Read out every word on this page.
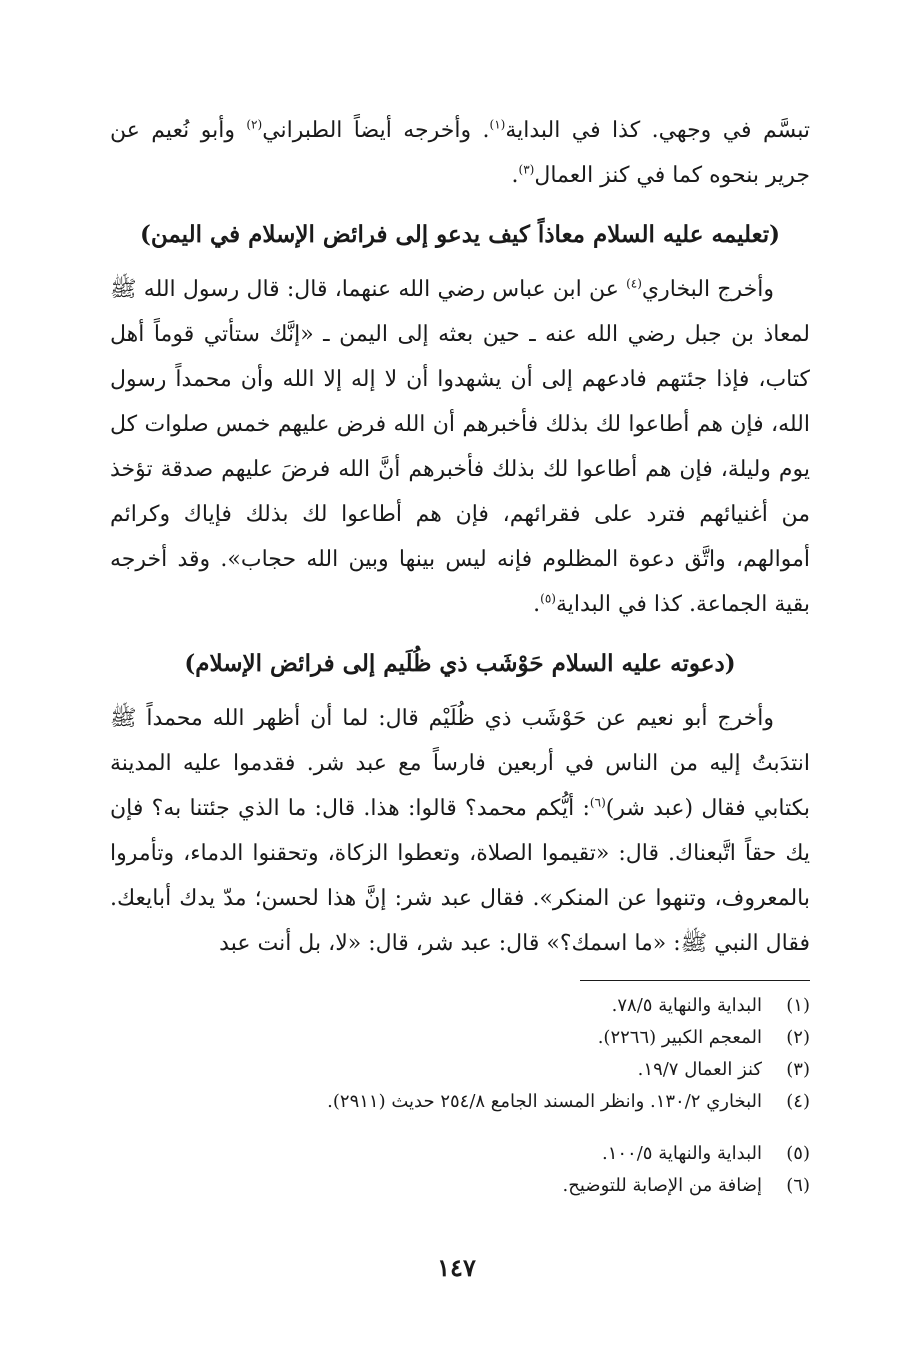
تبسَّم في وجهي. كذا في البداية$^{(١)}$. وأخرجه أيضاً الطبراني$^{(٢)}$ وأبو نُعيم عن جرير بنحوه كما في كنز العمال$^{(٣)}$.

(تعليمه عليه السلام معاذاً كيف يدعو إلى فرائض الإسلام في اليمن)

وأخرج البخاري$^{(٤)}$ عن ابن عباس رضي الله عنهما، قال: قال رسول الله ﷺ لمعاذ بن جبل رضي الله عنه ـ حين بعثه إلى اليمن ـ «إنَّك ستأتي قوماً أهل كتاب، فإذا جئتهم فادعهم إلى أن يشهدوا أن لا إله إلا الله وأن محمداً رسول الله، فإن هم أطاعوا لك بذلك فأخبرهم أن الله فرض عليهم خمس صلوات كل يوم وليلة، فإن هم أطاعوا لك بذلك فأخبرهم أنَّ الله فرضَ عليهم صدقة تؤخذ من أغنيائهم فترد على فقرائهم، فإن هم أطاعوا لك بذلك فإياك وكرائم أموالهم، واتَّق دعوة المظلوم فإنه ليس بينها وبين الله حجاب». وقد أخرجه بقية الجماعة. كذا في البداية$^{(٥)}$.

(دعوته عليه السلام حَوْشَب ذي ظُلَيم إلى فرائض الإسلام)

وأخرج أبو نعيم عن حَوْشَب ذي ظُلَيْم قال: لما أن أظهر الله محمداً ﷺ انتدَبتُ إليه من الناس في أربعين فارساً مع عبد شر. فقدموا عليه المدينة بكتابي فقال (عبد شر)$^{(٦)}$: أيُّكم محمد؟ قالوا: هذا. قال: ما الذي جئتنا به؟ فإن يك حقاً اتَّبعناك. قال: «تقيموا الصلاة، وتعطوا الزكاة، وتحقنوا الدماء، وتأمروا بالمعروف، وتنهوا عن المنكر». فقال عبد شر: إنَّ هذا لحسن؛ مدّ يدك أبايعك. فقال النبي ﷺ: «ما اسمك؟» قال: عبد شر، قال: «لا، بل أنت عبد

(١)
البداية والنهاية ٧٨/٥.
(٢)
المعجم الكبير (٢٢٦٦).
(٣)
كنز العمال ١٩/٧.
(٤)
البخاري ١٣٠/٢. وانظر المسند الجامع ٢٥٤/٨ حديث (٢٩١١).
(٥)
البداية والنهاية ١٠٠/٥.
(٦)
إضافة من الإصابة للتوضيح.
١٤٧
